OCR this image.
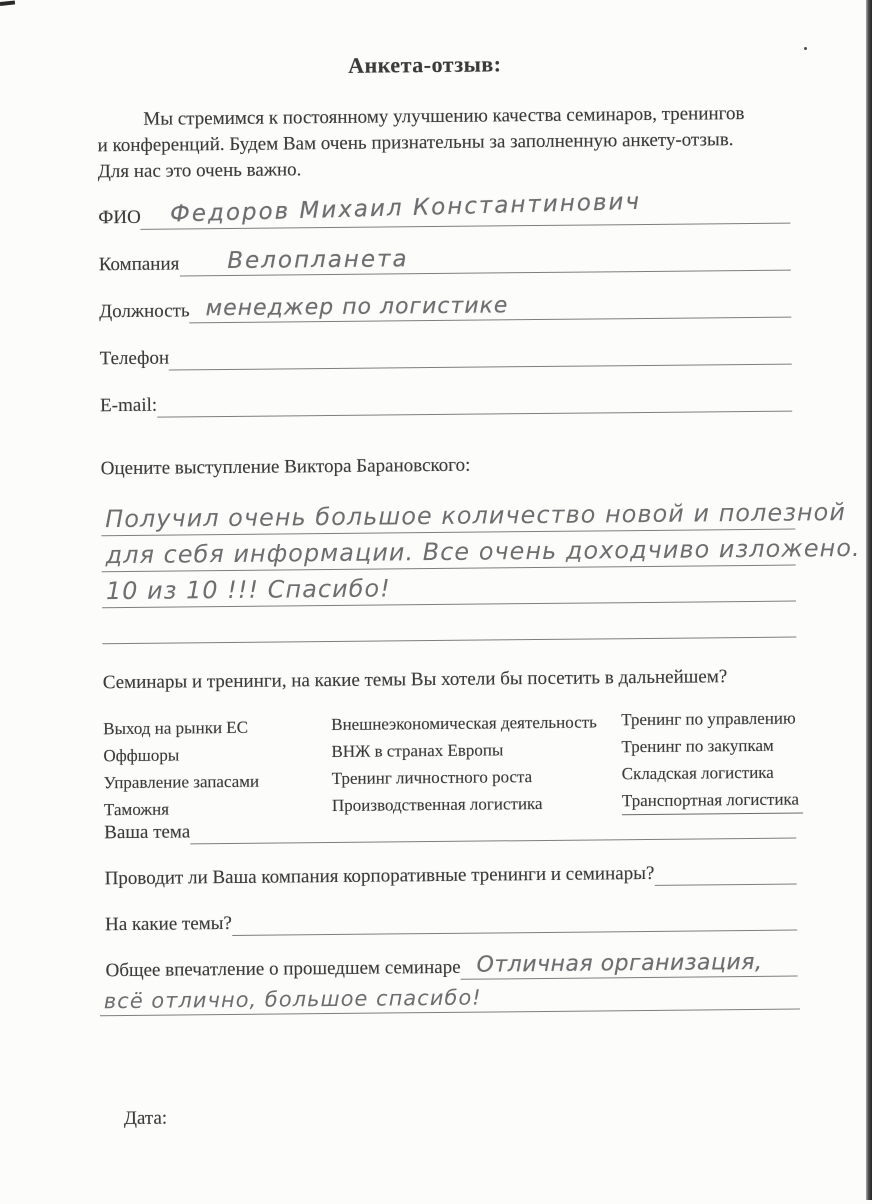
Анкета-отзыв:
Мы стремимся к постоянному улучшению качества семинаров, тренингов
и конференций. Будем Вам очень признательны за заполненную анкету-отзыв.
Для нас это очень важно.
ФИО Федоров Михаил Константинович
Компания Велопланета
Должность менеджер по логистике
Телефон
E-mail:
Оцените выступление Виктора Барановского:
Получил очень большое количество новой и полезной
для себя информации. Все очень доходчиво изложено.
10 из 10 !!! Спасибо!
Семинары и тренинги, на какие темы Вы хотели бы посетить в дальнейшем?
Выход на рынки ЕС
Оффшоры
Управление запасами
Таможня
Внешнеэкономическая деятельность
ВНЖ в странах Европы
Тренинг личностного роста
Производственная логистика
Тренинг по управлению
Тренинг по закупкам
Складская логистика
Транспортная логистика
Ваша тема
Проводит ли Ваша компания корпоративные тренинги и семинары?
На какие темы?
Общее впечатление о прошедшем семинаре Отличная организация,
всё отлично, большое спасибо!
Дата:
